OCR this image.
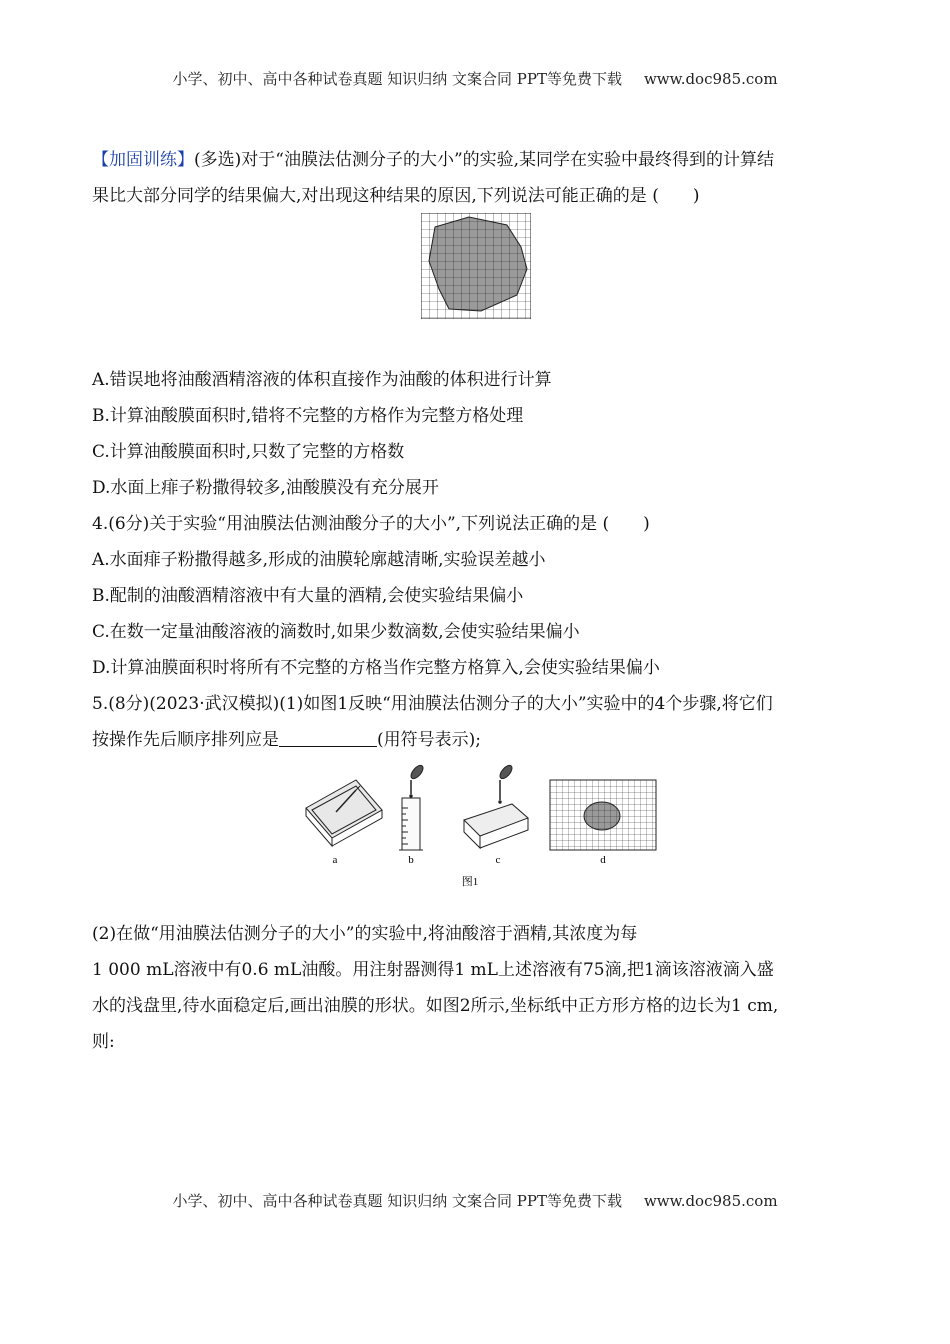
小学、初中、高中各种试卷真题 知识归纳 文案合同 PPT等免费下载 www.doc985.com
【加固训练】(多选)对于“油膜法估测分子的大小”的实验,某同学在实验中最终得到的计算结
果比大部分同学的结果偏大,对出现这种结果的原因,下列说法可能正确的是 (　　)
A.错误地将油酸酒精溶液的体积直接作为油酸的体积进行计算
B.计算油酸膜面积时,错将不完整的方格作为完整方格处理
C.计算油酸膜面积时,只数了完整的方格数
D.水面上痱子粉撒得较多,油酸膜没有充分展开
4.(6分)关于实验“用油膜法估测油酸分子的大小”,下列说法正确的是 (　　)
A.水面痱子粉撒得越多,形成的油膜轮廓越清晰,实验误差越小
B.配制的油酸酒精溶液中有大量的酒精,会使实验结果偏小
C.在数一定量油酸溶液的滴数时,如果少数滴数,会使实验结果偏小
D.计算油膜面积时将所有不完整的方格当作完整方格算入,会使实验结果偏小
5.(8分)(2023·武汉模拟)(1)如图1反映“用油膜法估测分子的大小”实验中的4个步骤,将它们
按操作先后顺序排列应是	(用符号表示);
(2)在做“用油膜法估测分子的大小”的实验中,将油酸溶于酒精,其浓度为每
1 000 mL溶液中有0.6 mL油酸。用注射器测得1 mL上述溶液有75滴,把1滴该溶液滴入盛
水的浅盘里,待水面稳定后,画出油膜的形状。如图2所示,坐标纸中正方形方格的边长为1 cm,
则:
a	b	c	d
图1
小学、初中、高中各种试卷真题 知识归纳 文案合同 PPT等免费下载 www.doc985.com
